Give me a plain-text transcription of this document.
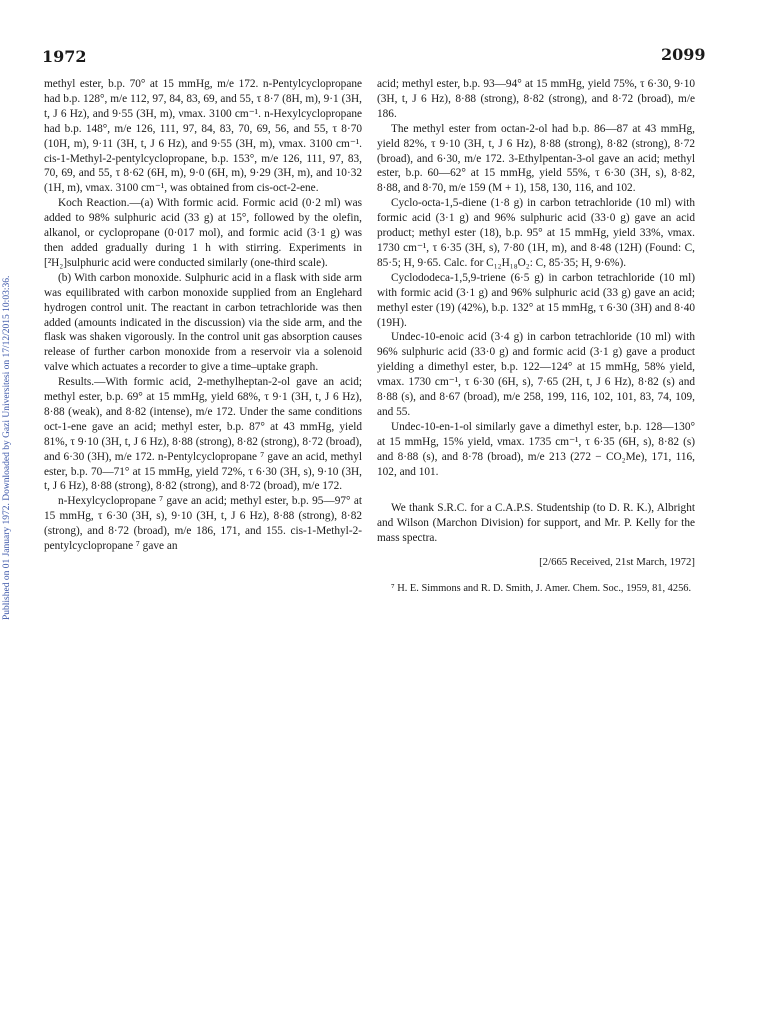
1972	2099
Published on 01 January 1972. Downloaded by Gazi Universitesi on 17/12/2015 10:03:36.

methyl ester, b.p. 70° at 15 mmHg, m/e 172. n-Pentylcyclopropane had b.p. 128°, m/e 112, 97, 84, 83, 69, and 55, τ 8·7 (8H, m), 9·1 (3H, t, J 6 Hz), and 9·55 (3H, m), νmax. 3100 cm⁻¹. n-Hexylcyclopropane had b.p. 148°, m/e 126, 111, 97, 84, 83, 70, 69, 56, and 55, τ 8·70 (10H, m), 9·11 (3H, t, J 6 Hz), and 9·55 (3H, m), νmax. 3100 cm⁻¹. cis-1-Methyl-2-pentylcyclopropane, b.p. 153°, m/e 126, 111, 97, 83, 70, 69, and 55, τ 8·62 (6H, m), 9·0 (6H, m), 9·29 (3H, m), and 10·32 (1H, m), νmax. 3100 cm⁻¹, was obtained from cis-oct-2-ene.

Koch Reaction.—(a) With formic acid. Formic acid (0·2 ml) was added to 98% sulphuric acid (33 g) at 15°, followed by the olefin, alkanol, or cyclopropane (0·017 mol), and formic acid (3·1 g) was then added gradually during 1 h with stirring. Experiments in [²H₂]sulphuric acid were conducted similarly (one-third scale).

(b) With carbon monoxide. Sulphuric acid in a flask with side arm was equilibrated with carbon monoxide supplied from an Englehard hydrogen control unit. The reactant in carbon tetrachloride was then added (amounts indicated in the discussion) via the side arm, and the flask was shaken vigorously. In the control unit gas absorption causes release of further carbon monoxide from a reservoir via a solenoid valve which actuates a recorder to give a time–uptake graph.

Results.—With formic acid, 2-methylheptan-2-ol gave an acid; methyl ester, b.p. 69° at 15 mmHg, yield 68%, τ 9·1 (3H, t, J 6 Hz), 8·88 (weak), and 8·82 (intense), m/e 172. Under the same conditions oct-1-ene gave an acid; methyl ester, b.p. 87° at 43 mmHg, yield 81%, τ 9·10 (3H, t, J 6 Hz), 8·88 (strong), 8·82 (strong), 8·72 (broad), and 6·30 (3H), m/e 172. n-Pentylcyclopropane ⁷ gave an acid, methyl ester, b.p. 70—71° at 15 mmHg, yield 72%, τ 6·30 (3H, s), 9·10 (3H, t, J 6 Hz), 8·88 (strong), 8·82 (strong), and 8·72 (broad), m/e 172.

n-Hexylcyclopropane ⁷ gave an acid; methyl ester, b.p. 95—97° at 15 mmHg, τ 6·30 (3H, s), 9·10 (3H, t, J 6 Hz), 8·88 (strong), 8·82 (strong), and 8·72 (broad), m/e 186, 171, and 155. cis-1-Methyl-2-pentylcyclopropane ⁷ gave an

acid; methyl ester, b.p. 93—94° at 15 mmHg, yield 75%, τ 6·30, 9·10 (3H, t, J 6 Hz), 8·88 (strong), 8·82 (strong), and 8·72 (broad), m/e 186.

The methyl ester from octan-2-ol had b.p. 86—87 at 43 mmHg, yield 82%, τ 9·10 (3H, t, J 6 Hz), 8·88 (strong), 8·82 (strong), 8·72 (broad), and 6·30, m/e 172. 3-Ethylpentan-3-ol gave an acid; methyl ester, b.p. 60—62° at 15 mmHg, yield 55%, τ 6·30 (3H, s), 8·82, 8·88, and 8·70, m/e 159 (M + 1), 158, 130, 116, and 102.

Cyclo-octa-1,5-diene (1·8 g) in carbon tetrachloride (10 ml) with formic acid (3·1 g) and 96% sulphuric acid (33·0 g) gave an acid product; methyl ester (18), b.p. 95° at 15 mmHg, yield 33%, νmax. 1730 cm⁻¹, τ 6·35 (3H, s), 7·80 (1H, m), and 8·48 (12H) (Found: C, 85·5; H, 9·65. Calc. for C₁₂H₁₈O₂: C, 85·35; H, 9·6%).

Cyclododeca-1,5,9-triene (6·5 g) in carbon tetrachloride (10 ml) with formic acid (3·1 g) and 96% sulphuric acid (33 g) gave an acid; methyl ester (19) (42%), b.p. 132° at 15 mmHg, τ 6·30 (3H) and 8·40 (19H).

Undec-10-enoic acid (3·4 g) in carbon tetrachloride (10 ml) with 96% sulphuric acid (33·0 g) and formic acid (3·1 g) gave a product yielding a dimethyl ester, b.p. 122—124° at 15 mmHg, 58% yield, νmax. 1730 cm⁻¹, τ 6·30 (6H, s), 7·65 (2H, t, J 6 Hz), 8·82 (s) and 8·88 (s), and 8·67 (broad), m/e 258, 199, 116, 102, 101, 83, 74, 109, and 55.

Undec-10-en-1-ol similarly gave a dimethyl ester, b.p. 128—130° at 15 mmHg, 15% yield, νmax. 1735 cm⁻¹, τ 6·35 (6H, s), 8·82 (s) and 8·88 (s), and 8·78 (broad), m/e 213 (272 − CO₂Me), 171, 116, 102, and 101.

We thank S.R.C. for a C.A.P.S. Studentship (to D. R. K.), Albright and Wilson (Marchon Division) for support, and Mr. P. Kelly for the mass spectra.

[2/665 Received, 21st March, 1972]

⁷ H. E. Simmons and R. D. Smith, J. Amer. Chem. Soc., 1959, 81, 4256.
